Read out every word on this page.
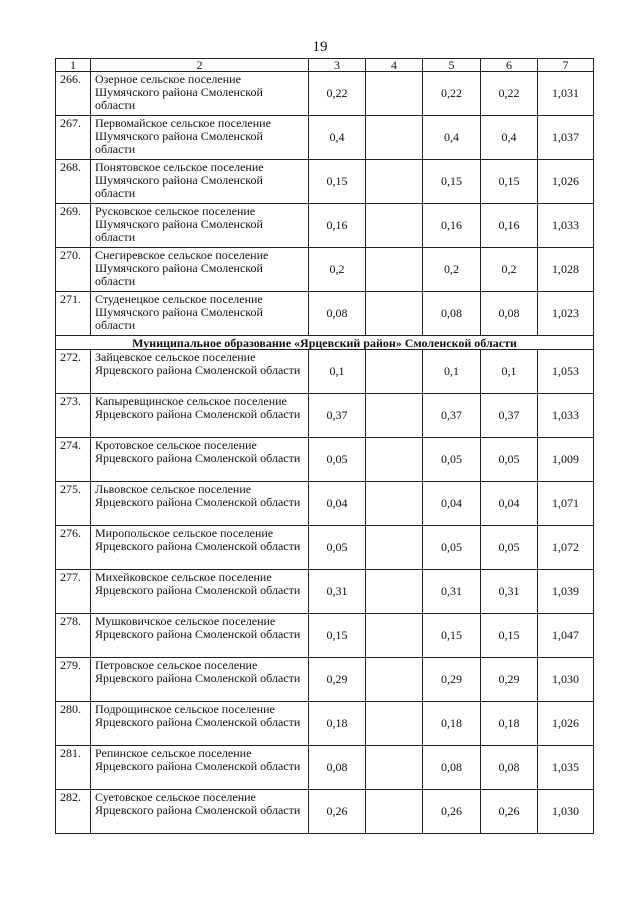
19
1	2	3	4	5	6	7
266.	Озерное сельское поселение Шумячского района Смоленской области	0,22		0,22	0,22	1,031
267.	Первомайское сельское поселение Шумячского района Смоленской области	0,4		0,4	0,4	1,037
268.	Понятовское сельское поселение Шумячского района Смоленской области	0,15		0,15	0,15	1,026
269.	Русковское сельское поселение Шумячского района Смоленской области	0,16		0,16	0,16	1,033
270.	Снегиревское сельское поселение Шумячского района Смоленской области	0,2		0,2	0,2	1,028
271.	Студенецкое сельское поселение Шумячского района Смоленской области	0,08		0,08	0,08	1,023
Муниципальное образование «Ярцевский район» Смоленской области						
272.	Зайцевское сельское поселение Ярцевского района Смоленской области	0,1		0,1	0,1	1,053
273.	Капыревщинское сельское поселение Ярцевского района Смоленской области	0,37		0,37	0,37	1,033
274.	Кротовское сельское поселение Ярцевского района Смоленской области	0,05		0,05	0,05	1,009
275.	Львовское сельское поселение Ярцевского района Смоленской области	0,04		0,04	0,04	1,071
276.	Миропольское сельское поселение Ярцевского района Смоленской области	0,05		0,05	0,05	1,072
277.	Михейковское сельское поселение Ярцевского района Смоленской области	0,31		0,31	0,31	1,039
278.	Мушковичское сельское поселение Ярцевского района Смоленской области	0,15		0,15	0,15	1,047
279.	Петровское сельское поселение Ярцевского района Смоленской области	0,29		0,29	0,29	1,030
280.	Подрощинское сельское поселение Ярцевского района Смоленской области	0,18		0,18	0,18	1,026
281.	Репинское сельское поселение Ярцевского района Смоленской области	0,08		0,08	0,08	1,035
282.	Суетовское сельское поселение Ярцевского района Смоленской области	0,26		0,26	0,26	1,030
